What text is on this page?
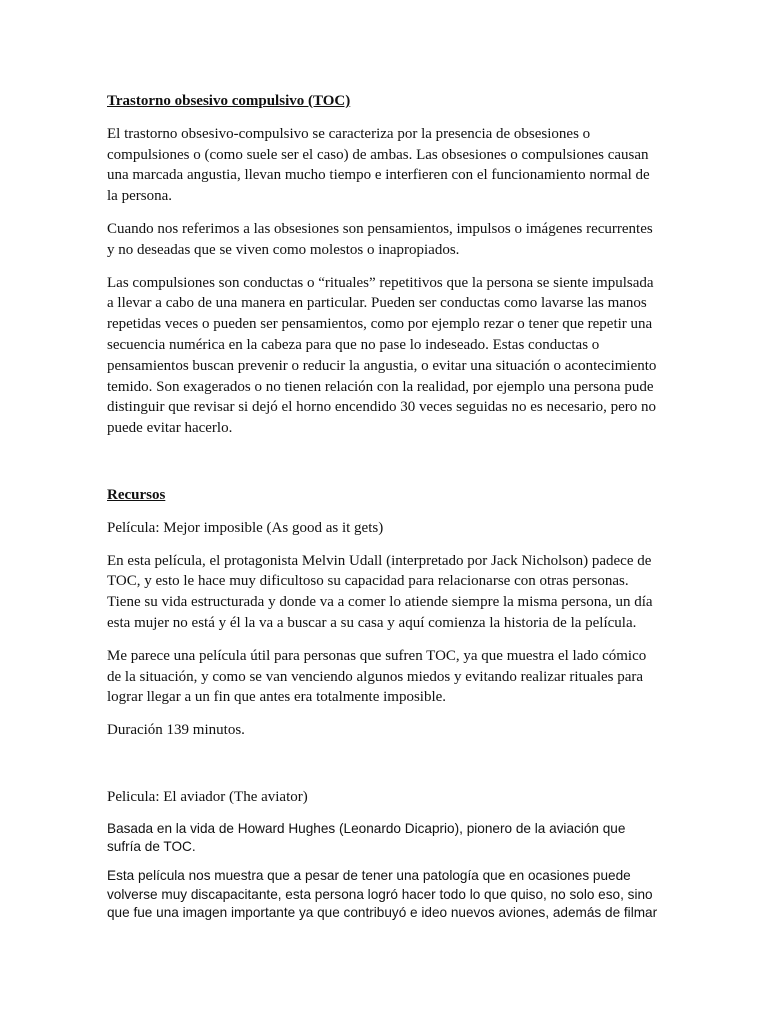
Trastorno obsesivo compulsivo (TOC)

El trastorno obsesivo-compulsivo se caracteriza por la presencia de obsesiones o compulsiones o (como suele ser el caso) de ambas. Las obsesiones o compulsiones causan una marcada angustia, llevan mucho tiempo e interfieren con el funcionamiento normal de la persona.

Cuando nos referimos a las obsesiones son pensamientos, impulsos o imágenes recurrentes y no deseadas que se viven como molestos o inapropiados.

Las compulsiones son conductas o “rituales” repetitivos que la persona se siente impulsada a llevar a cabo de una manera en particular. Pueden ser conductas como lavarse las manos repetidas veces o pueden ser pensamientos, como por ejemplo rezar o tener que repetir una secuencia numérica en la cabeza para que no pase lo indeseado. Estas conductas o pensamientos buscan prevenir o reducir la angustia, o evitar una situación o acontecimiento temido. Son exagerados o no tienen relación con la realidad, por ejemplo una persona pude distinguir que revisar si dejó el horno encendido 30 veces seguidas no es necesario, pero no puede evitar hacerlo.

Recursos

Película: Mejor imposible (As good as it gets)

En esta película, el protagonista Melvin Udall (interpretado por Jack Nicholson) padece de TOC, y esto le hace muy dificultoso su capacidad para relacionarse con otras personas. Tiene su vida estructurada y donde va a comer lo atiende siempre la misma persona, un día esta mujer no está y él la va a buscar a su casa y aquí comienza la historia de la película.

Me parece una película útil para personas que sufren TOC, ya que muestra el lado cómico de la situación, y como se van venciendo algunos miedos y evitando realizar rituales para lograr llegar a un fin que antes era totalmente imposible.

Duración 139 minutos.

Pelicula: El aviador (The aviator)

Basada en la vida de Howard Hughes (Leonardo Dicaprio), pionero de la aviación que sufría de TOC.

Esta película nos muestra que a pesar de tener una patología que en ocasiones puede volverse muy discapacitante, esta persona logró hacer todo lo que quiso, no solo eso, sino que fue una imagen importante ya que contribuyó e ideo nuevos aviones, además de filmar
